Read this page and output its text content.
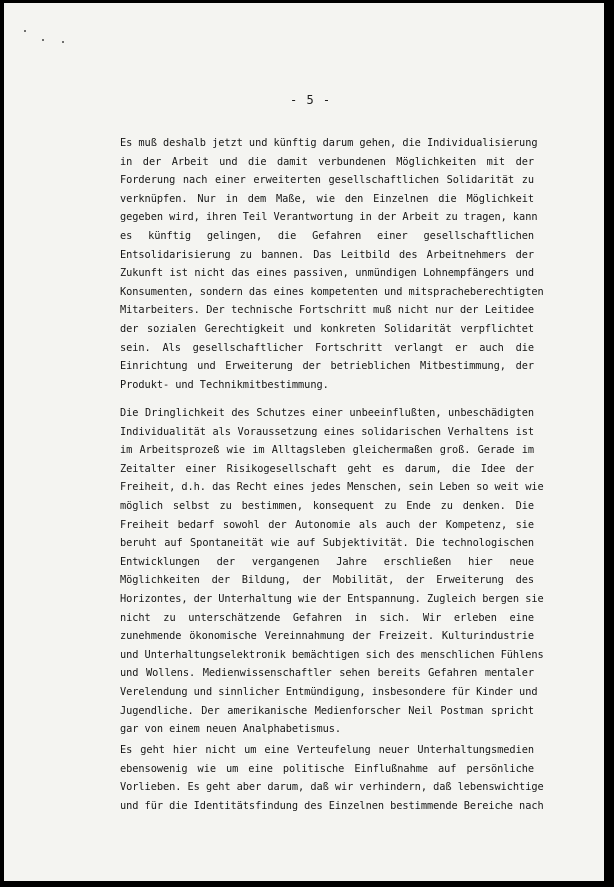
- 5 -

Es muß deshalb jetzt und künftig darum gehen, die Individualisierung
in der Arbeit und die damit verbundenen Möglichkeiten mit der
Forderung nach einer erweiterten gesellschaftlichen Solidarität zu
verknüpfen. Nur in dem Maße, wie den Einzelnen die Möglichkeit
gegeben wird, ihren Teil Verantwortung in der Arbeit zu tragen, kann
es künftig gelingen, die Gefahren einer gesellschaftlichen
Entsolidarisierung zu bannen. Das Leitbild des Arbeitnehmers der
Zukunft ist nicht das eines passiven, unmündigen Lohnempfängers und
Konsumenten, sondern das eines kompetenten und mitspracheberechtigten
Mitarbeiters. Der technische Fortschritt muß nicht nur der Leitidee
der sozialen Gerechtigkeit und konkreten Solidarität verpflichtet
sein. Als gesellschaftlicher Fortschritt verlangt er auch die
Einrichtung und Erweiterung der betrieblichen Mitbestimmung, der
Produkt- und Technikmitbestimmung.

Die Dringlichkeit des Schutzes einer unbeeinflußten, unbeschädigten
Individualität als Voraussetzung eines solidarischen Verhaltens ist
im Arbeitsprozeß wie im Alltagsleben gleichermaßen groß. Gerade im
Zeitalter einer Risikogesellschaft geht es darum, die Idee der
Freiheit, d.h. das Recht eines jedes Menschen, sein Leben so weit wie
möglich selbst zu bestimmen, konsequent zu Ende zu denken. Die
Freiheit bedarf sowohl der Autonomie als auch der Kompetenz, sie
beruht auf Spontaneität wie auf Subjektivität. Die technologischen
Entwicklungen der vergangenen Jahre erschließen hier neue
Möglichkeiten der Bildung, der Mobilität, der Erweiterung des
Horizontes, der Unterhaltung wie der Entspannung. Zugleich bergen sie
nicht zu unterschätzende Gefahren in sich. Wir erleben eine
zunehmende ökonomische Vereinnahmung der Freizeit. Kulturindustrie
und Unterhaltungselektronik bemächtigen sich des menschlichen Fühlens
und Wollens. Medienwissenschaftler sehen bereits Gefahren mentaler
Verelendung und sinnlicher Entmündigung, insbesondere für Kinder und
Jugendliche. Der amerikanische Medienforscher Neil Postman spricht
gar von einem neuen Analphabetismus.

Es geht hier nicht um eine Verteufelung neuer Unterhaltungsmedien
ebensowenig wie um eine politische Einflußnahme auf persönliche
Vorlieben. Es geht aber darum, daß wir verhindern, daß lebenswichtige
und für die Identitätsfindung des Einzelnen bestimmende Bereiche nach
